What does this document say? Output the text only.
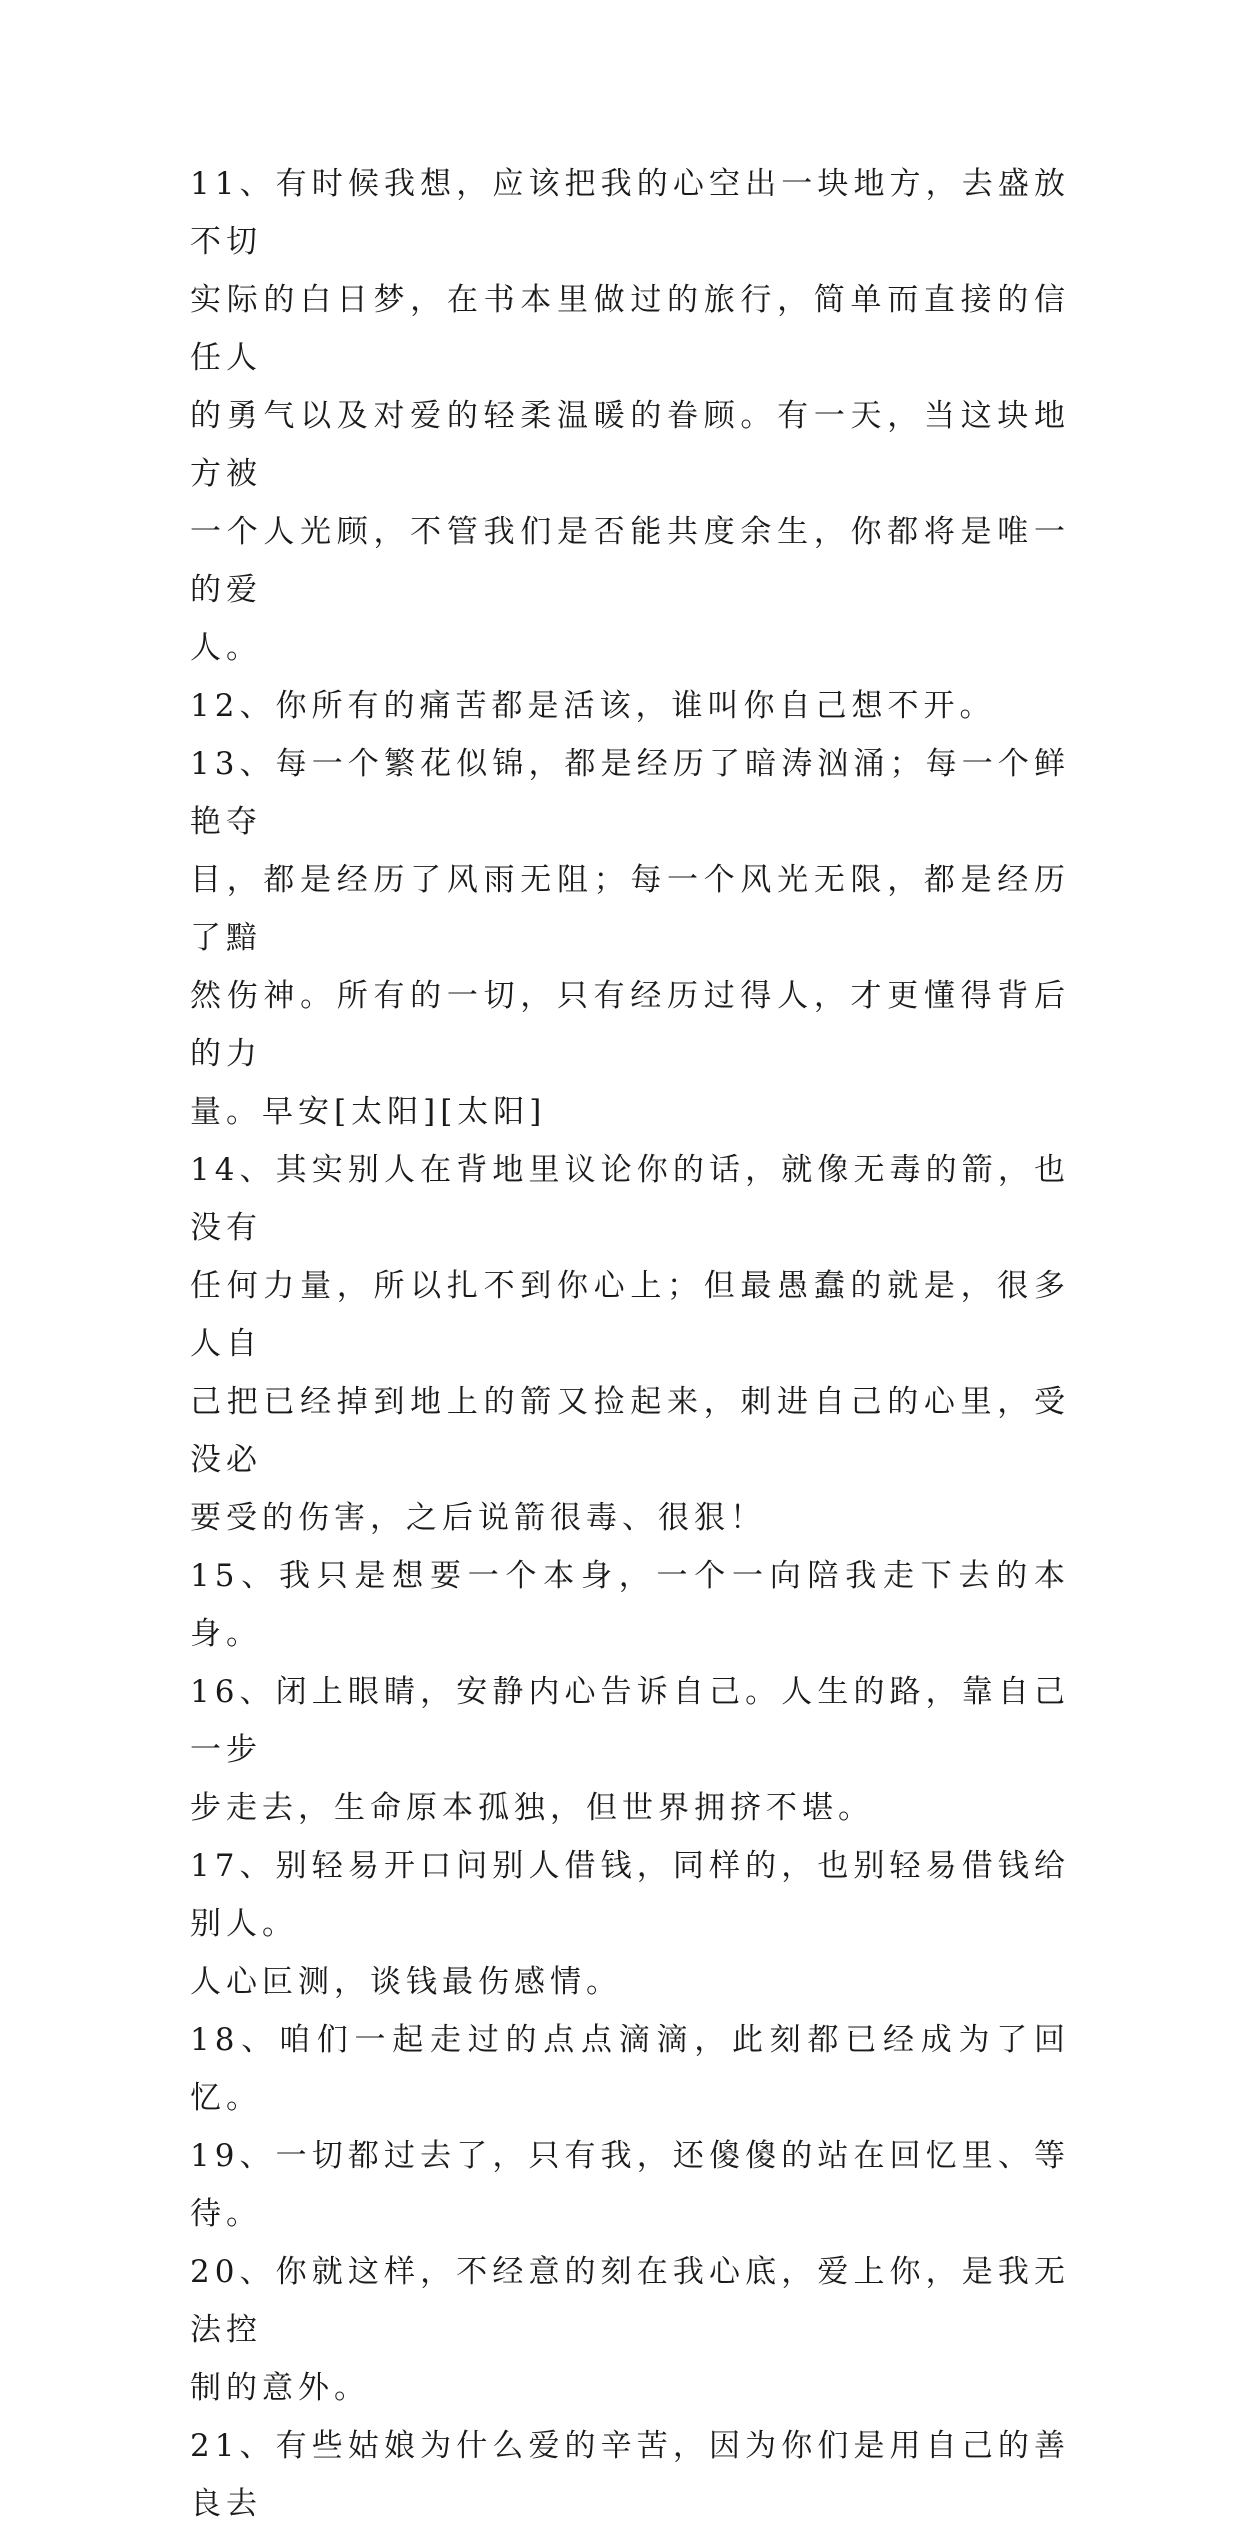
11、有时候我想，应该把我的心空出一块地方，去盛放不切
实际的白日梦，在书本里做过的旅行，简单而直接的信任人
的勇气以及对爱的轻柔温暖的眷顾。有一天，当这块地方被
一个人光顾，不管我们是否能共度余生，你都将是唯一的爱
人。

12、你所有的痛苦都是活该，谁叫你自己想不开。

13、每一个繁花似锦，都是经历了暗涛汹涌；每一个鲜艳夺
目，都是经历了风雨无阻；每一个风光无限，都是经历了黯
然伤神。所有的一切，只有经历过得人，才更懂得背后的力
量。早安[太阳][太阳]

14、其实别人在背地里议论你的话，就像无毒的箭，也没有
任何力量，所以扎不到你心上；但最愚蠢的就是，很多人自
己把已经掉到地上的箭又捡起来，刺进自己的心里，受没必
要受的伤害，之后说箭很毒、很狠！

15、我只是想要一个本身，一个一向陪我走下去的本身。

16、闭上眼睛，安静内心告诉自己。人生的路，靠自己一步
步走去，生命原本孤独，但世界拥挤不堪。

17、别轻易开口问别人借钱，同样的，也别轻易借钱给别人。
人心叵测，谈钱最伤感情。

18、咱们一起走过的点点滴滴，此刻都已经成为了回忆。

19、一切都过去了，只有我，还傻傻的站在回忆里、等待。

20、你就这样，不经意的刻在我心底，爱上你，是我无法控
制的意外。

21、有些姑娘为什么爱的辛苦，因为你们是用自己的善良去
